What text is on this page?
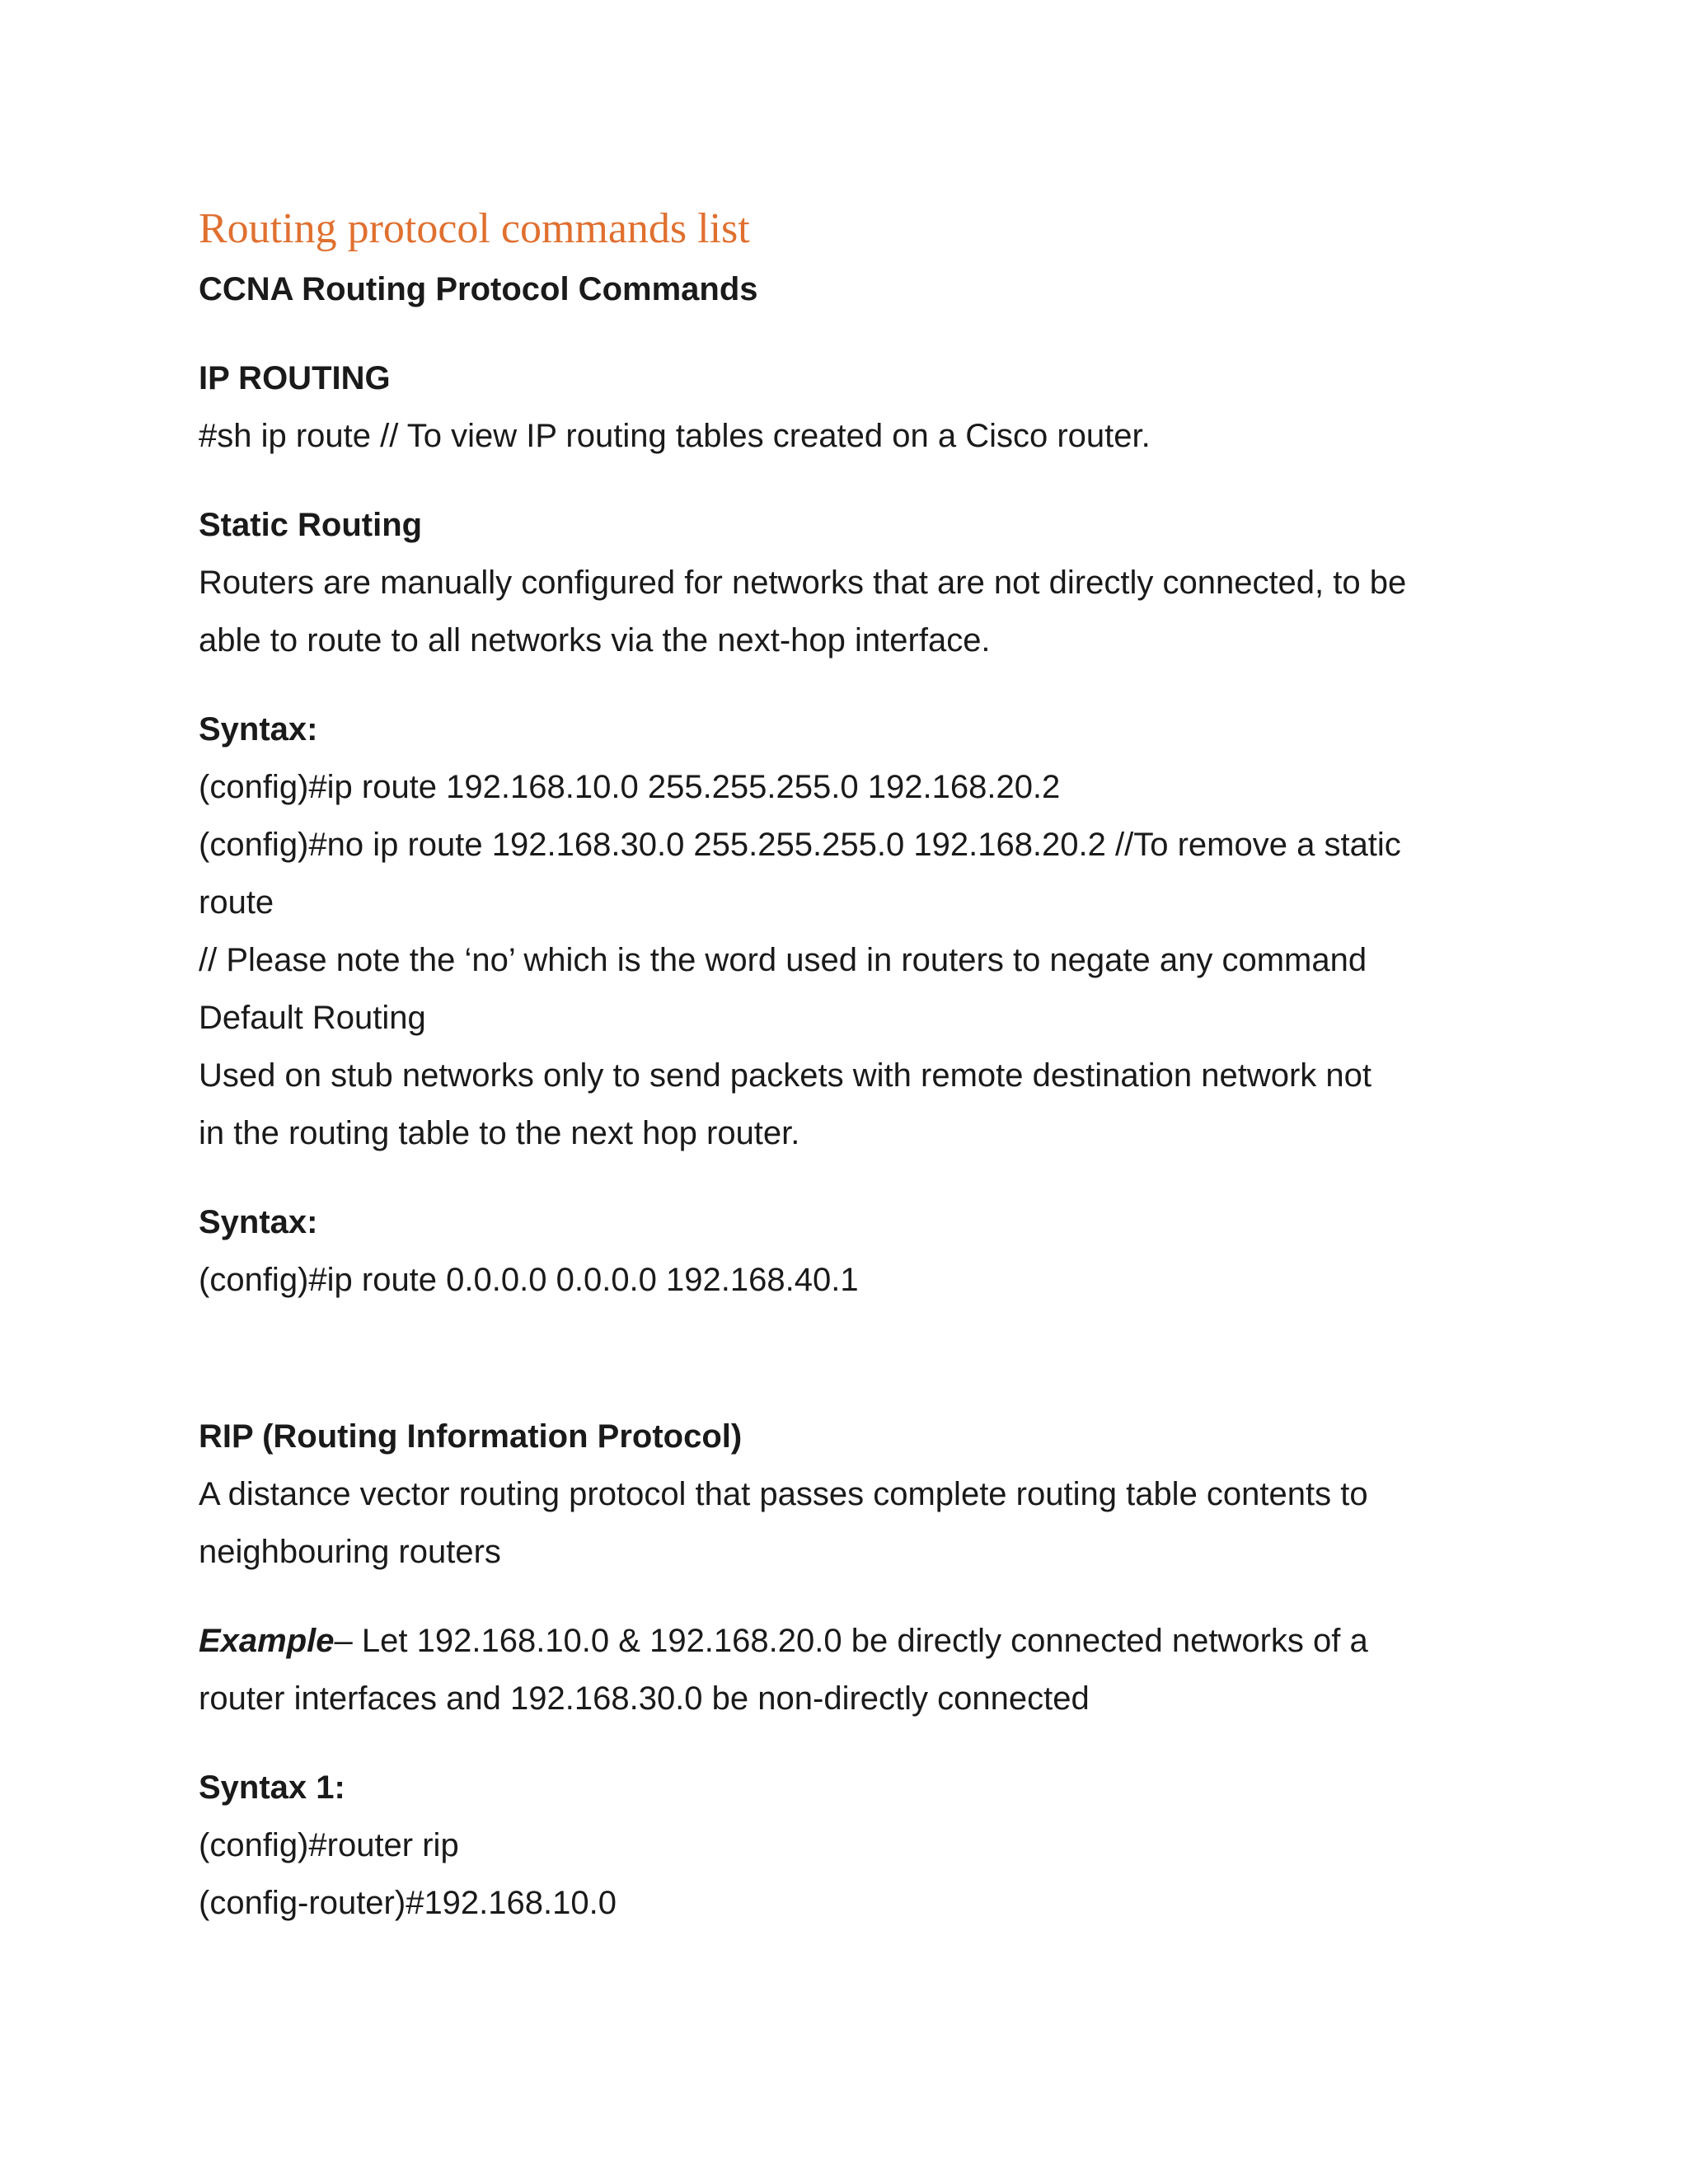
Routing protocol commands list
CCNA Routing Protocol Commands
IP ROUTING
#sh ip route // To view IP routing tables created on a Cisco router.
Static Routing
Routers are manually configured for networks that are not directly connected, to be
able to route to all networks via the next-hop interface.
Syntax:
(config)#ip route 192.168.10.0 255.255.255.0 192.168.20.2
(config)#no ip route 192.168.30.0 255.255.255.0 192.168.20.2 //To remove a static
route
// Please note the ‘no’ which is the word used in routers to negate any command
Default Routing
Used on stub networks only to send packets with remote destination network not
in the routing table to the next hop router.
Syntax:
(config)#ip route 0.0.0.0 0.0.0.0 192.168.40.1
RIP (Routing Information Protocol)
A distance vector routing protocol that passes complete routing table contents to
neighbouring routers
Example– Let 192.168.10.0 & 192.168.20.0 be directly connected networks of a
router interfaces and 192.168.30.0 be non-directly connected
Syntax 1:
(config)#router rip
(config-router)#192.168.10.0
